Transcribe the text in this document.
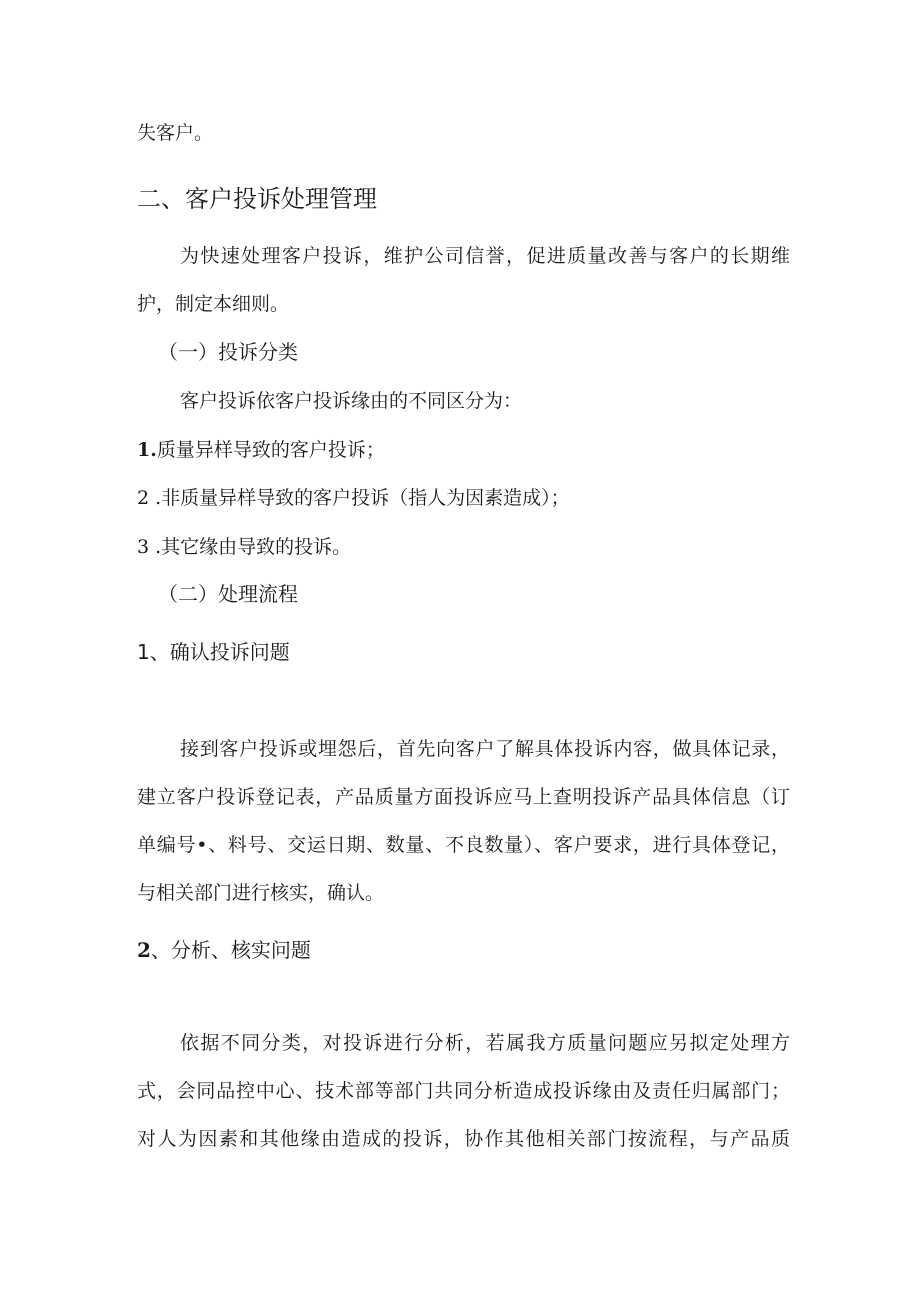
失客户。
二、客户投诉处理管理
为快速处理客户投诉，维护公司信誉，促进质量改善与客户的长期维
护，制定本细则。
（一）投诉分类
客户投诉依客户投诉缘由的不同区分为：
1.质量异样导致的客户投诉；
2 .非质量异样导致的客户投诉（指人为因素造成）；
3 .其它缘由导致的投诉。
（二）处理流程
1、确认投诉问题
接到客户投诉或埋怨后，首先向客户了解具体投诉内容，做具体记录，
建立客户投诉登记表，产品质量方面投诉应马上查明投诉产品具体信息（订
单编号•、料号、交运日期、数量、不良数量）、客户要求，进行具体登记，
与相关部门进行核实，确认。
2、分析、核实问题
依据不同分类，对投诉进行分析，若属我方质量问题应另拟定处理方
式，会同品控中心、技术部等部门共同分析造成投诉缘由及责任归属部门；
对人为因素和其他缘由造成的投诉，协作其他相关部门按流程，与产品质
